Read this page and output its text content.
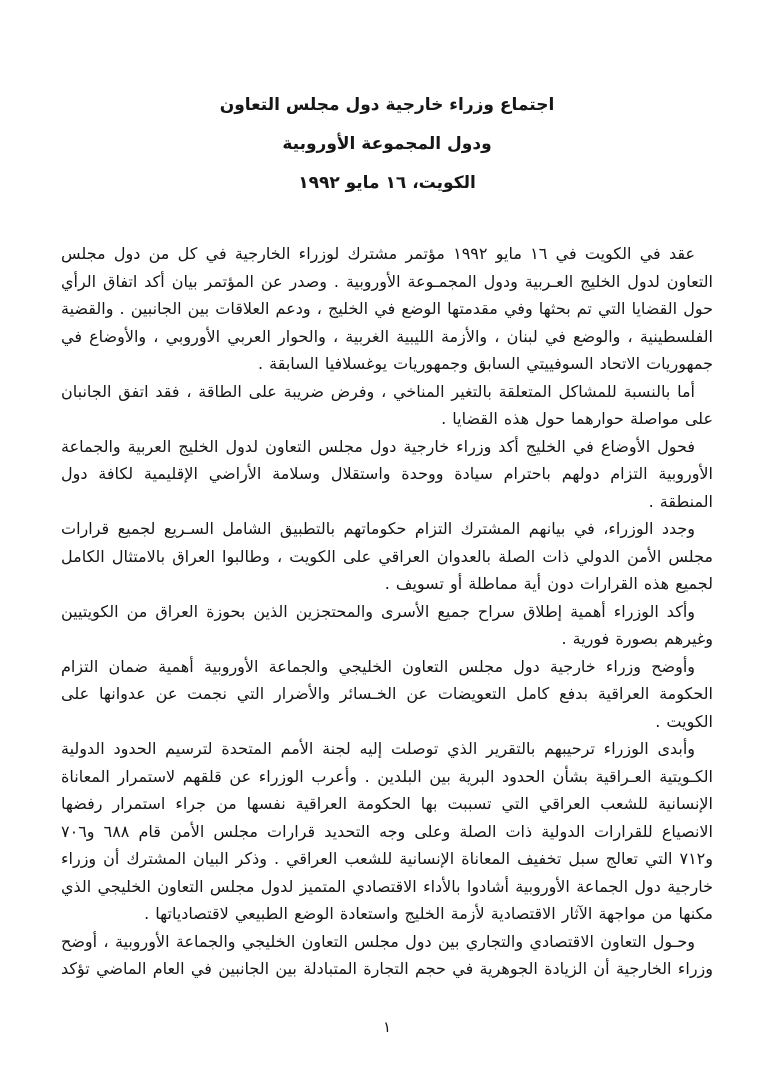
اجتماع وزراء خارجية دول مجلس التعاون
ودول المجموعة الأوروبية
الكويت، ١٦ مايو ١٩٩٢

عقد في الكويت في ١٦ مايو ١٩٩٢ مؤتمر مشترك لوزراء الخارجية في كل من دول مجلس التعاون لدول الخليج العـربية ودول المجمـوعة الأوروبية . وصدر عن المؤتمر بيان أكد اتفاق الرأي حول القضايا التي تم بحثها وفي مقدمتها الوضع في الخليج ، ودعم العلاقات بين الجانبين . والقضية الفلسطينية ، والوضع في لبنان ، والأزمة الليبية الغربية ، والحوار العربي الأوروبي ، والأوضاع في جمهوريات الاتحاد السوفييتي السابق وجمهوريات يوغسلافيا السابقة .

أما بالنسبة للمشاكل المتعلقة بالتغير المناخي ، وفرض ضريبة على الطاقة ، فقد اتفق الجانبان على مواصلة حوارهما حول هذه القضايا .

فحول الأوضاع في الخليج أكد وزراء خارجية دول مجلس التعاون لدول الخليج العربية والجماعة الأوروبية التزام دولهم باحترام سيادة ووحدة واستقلال وسلامة الأراضي الإقليمية لكافة دول المنطقة .

وجدد الوزراء، في بيانهم المشترك التزام حكوماتهم بالتطبيق الشامل السـريع لجميع قرارات مجلس الأمن الدولي ذات الصلة بالعدوان العراقي على الكويت ، وطالبوا العراق بالامتثال الكامل لجميع هذه القرارات دون أية مماطلة أو تسويف .

وأكد الوزراء أهمية إطلاق سراح جميع الأسرى والمحتجزين الذين بحوزة العراق من الكويتيين وغيرهم بصورة فورية .

وأوضح وزراء خارجية دول مجلس التعاون الخليجي والجماعة الأوروبية أهمية ضمان التزام الحكومة العراقية بدفع كامل التعويضات عن الخـسائر والأضرار التي نجمت عن عدوانها على الكويت .

وأبدى الوزراء ترحيبهم بالتقرير الذي توصلت إليه لجنة الأمم المتحدة لترسيم الحدود الدولية الكـويتية العـراقية بشأن الحدود البرية بين البلدين . وأعرب الوزراء عن قلقهم لاستمرار المعاناة الإنسانية للشعب العراقي التي تسببت بها الحكومة العراقية نفسها من جراء استمرار رفضها الانصياع للقرارات الدولية ذات الصلة وعلى وجه التحديد قرارات مجلس الأمن قام ٦٨٨ و٧٠٦ و٧١٢ التي تعالج سبل تخفيف المعاناة الإنسانية للشعب العراقي . وذكر البيان المشترك أن وزراء خارجية دول الجماعة الأوروبية أشادوا بالأداء الاقتصادي المتميز لدول مجلس التعاون الخليجي الذي مكنها من مواجهة الآثار الاقتصادية لأزمة الخليج واستعادة الوضع الطبيعي لاقتصادياتها .

وحـول التعاون الاقتصادي والتجاري بين دول مجلس التعاون الخليجي والجماعة الأوروبية ، أوضح وزراء الخارجية أن الزيادة الجوهرية في حجم التجارة المتبادلة بين الجانبين في العام الماضي تؤكد

١
